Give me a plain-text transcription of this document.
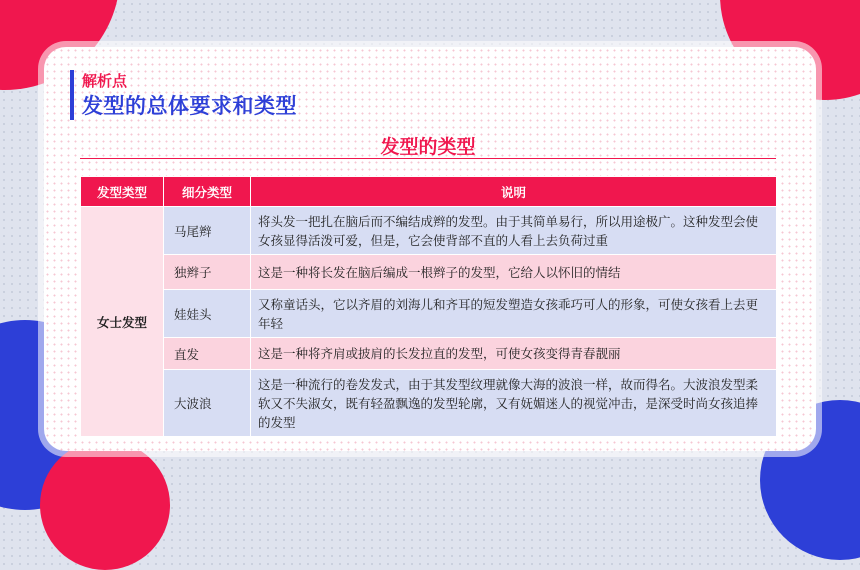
解析点
发型的总体要求和类型
发型的类型
发型类型	细分类型	说明
女士发型	马尾辫	将头发一把扎在脑后而不编结成辫的发型。由于其简单易行，所以用途极广。这种发型会使女孩显得活泼可爱，但是，它会使背部不直的人看上去负荷过重
	独辫子	这是一种将长发在脑后编成一根辫子的发型，它给人以怀旧的情结
	娃娃头	又称童话头，它以齐眉的刘海儿和齐耳的短发塑造女孩乖巧可人的形象，可使女孩看上去更年轻
	直发	这是一种将齐肩或披肩的长发拉直的发型，可使女孩变得青春靓丽
	大波浪	这是一种流行的卷发发式，由于其发型纹理就像大海的波浪一样，故而得名。大波浪发型柔软又不失淑女，既有轻盈飘逸的发型轮廓，又有妩媚迷人的视觉冲击，是深受时尚女孩追捧的发型
